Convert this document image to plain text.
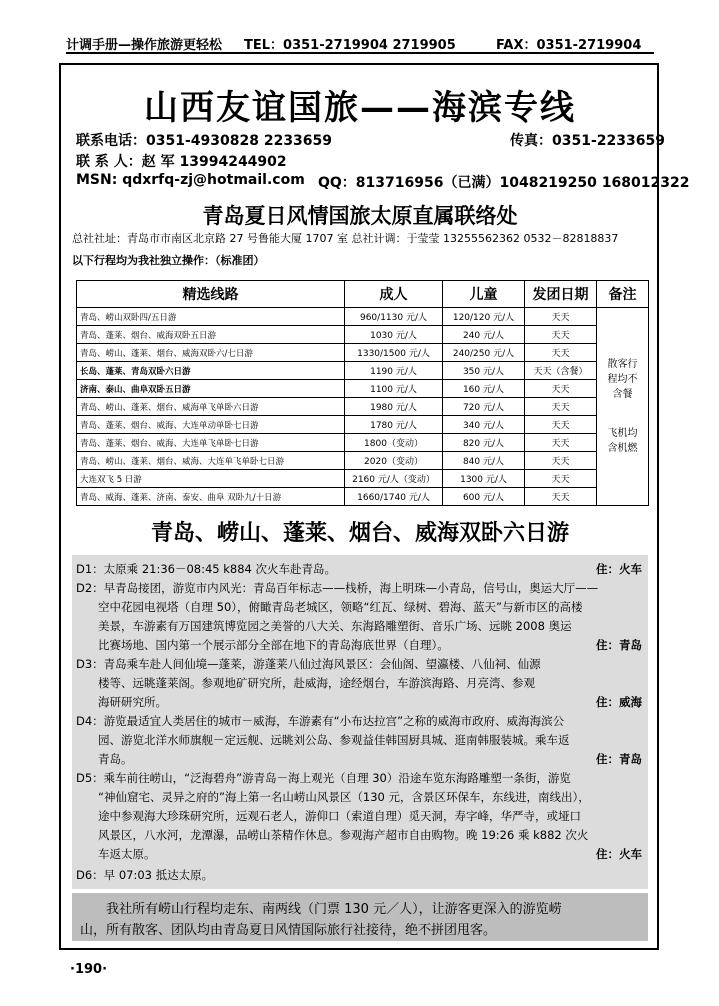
计调手册—操作旅游更轻松 TEL：0351-2719904 2719905	FAX：0351-2719904
山西友谊国旅——海滨专线
联系电话：0351-4930828 2233659	传真：0351-2233659
联 系 人：赵 军 13994244902
MSN: qdxrfq-zj@hotmail.com QQ：813716956（已满）1048219250 168012322
青岛夏日风情国旅太原直属联络处
总社社址：青岛市市南区北京路 27 号鲁能大厦 1707 室 总社计调：于莹莹 13255562362 0532－82818837
以下行程均为我社独立操作：（标准团）
精选线路	成人	儿童	发团日期	备注
青岛、崂山双卧四/五日游	960/1130 元/人	120/120 元/人	天天	散客行
程均不
含餐
飞机均
含机燃

青岛、蓬莱、烟台、威海双卧五日游	1030 元/人	240 元/人	天天	
青岛、崂山、蓬莱、烟台、威海双卧六/七日游	1330/1500 元/人	240/250 元/人	天天	
长岛、蓬莱、青岛双卧六日游	1190 元/人	350 元/人	天天（含餐）	
济南、泰山、曲阜双卧五日游	1100 元/人	160 元/人	天天	
青岛、崂山、蓬莱、烟台、威海单飞单卧六日游	1980 元/人	720 元/人	天天	
青岛、蓬莱、烟台、威海、大连单动单卧七日游	1780 元/人	340 元/人	天天	
青岛、蓬莱、烟台、威海、大连单飞单卧七日游	1800（变动）	820 元/人	天天	
青岛、崂山、蓬莱、烟台、威海、大连单飞单卧七日游	2020（变动）	840 元/人	天天	
大连双飞 5 日游	2160 元/人（变动）	1300 元/人	天天	
青岛、威海、蓬莱、济南、泰安、曲阜 双卧九/十日游	1660/1740 元/人	600 元/人	天天	
青岛、崂山、蓬莱、烟台、威海双卧六日游
D1：太原乘 21:36－08:45 k884 次火车赴青岛。	住：火车
D2：早青岛接团，游览市内风光：青岛百年标志——栈桥，海上明珠—小青岛，信号山，奥运大厅——
空中花园电视塔（自理 50），俯瞰青岛老城区，领略“红瓦、绿树、碧海、蓝天”与新市区的高楼
美景，车游素有万国建筑博览园之美誉的八大关、东海路雕塑街、音乐广场、远眺 2008 奥运
比赛场地、国内第一个展示部分全部在地下的青岛海底世界（自理）。	住：青岛
D3：青岛乘车赴人间仙境—蓬莱，游蓬莱八仙过海风景区：会仙阁、望瀛楼、八仙祠、仙源
楼等、远眺蓬莱阁。参观地矿研究所，赴威海，途经烟台，车游滨海路、月亮湾、参观
海研研究所。	住：威海
D4：游览最适宜人类居住的城市－威海，车游素有“小布达拉宫”之称的威海市政府、威海海滨公
园、游览北洋水师旗舰－定远舰、远眺刘公岛、参观益佳韩国厨具城、逛南韩服装城。乘车返
青岛。	住：青岛
D5：乘车前往崂山，“泛海碧舟”游青岛－海上观光（自理 30）沿途车览东海路雕塑一条街，游览
“神仙窟宅、灵异之府的”海上第一名山崂山风景区（130 元，含景区环保车，东线进，南线出），
途中参观海大珍珠研究所，远观石老人，游仰口（索道自理）觅天洞，寿字峰，华严寺，或垭口
风景区，八水河，龙潭瀑，品崂山茶精作休息。参观海产超市自由购物。晚 19:26 乘 k882 次火
车返太原。	住：火车
D6：早 07:03 抵达太原。
我社所有崂山行程均走东、南两线（门票 130 元／人），让游客更深入的游览崂
山，所有散客、团队均由青岛夏日风情国际旅行社接待，绝不拼团甩客。
·190·
